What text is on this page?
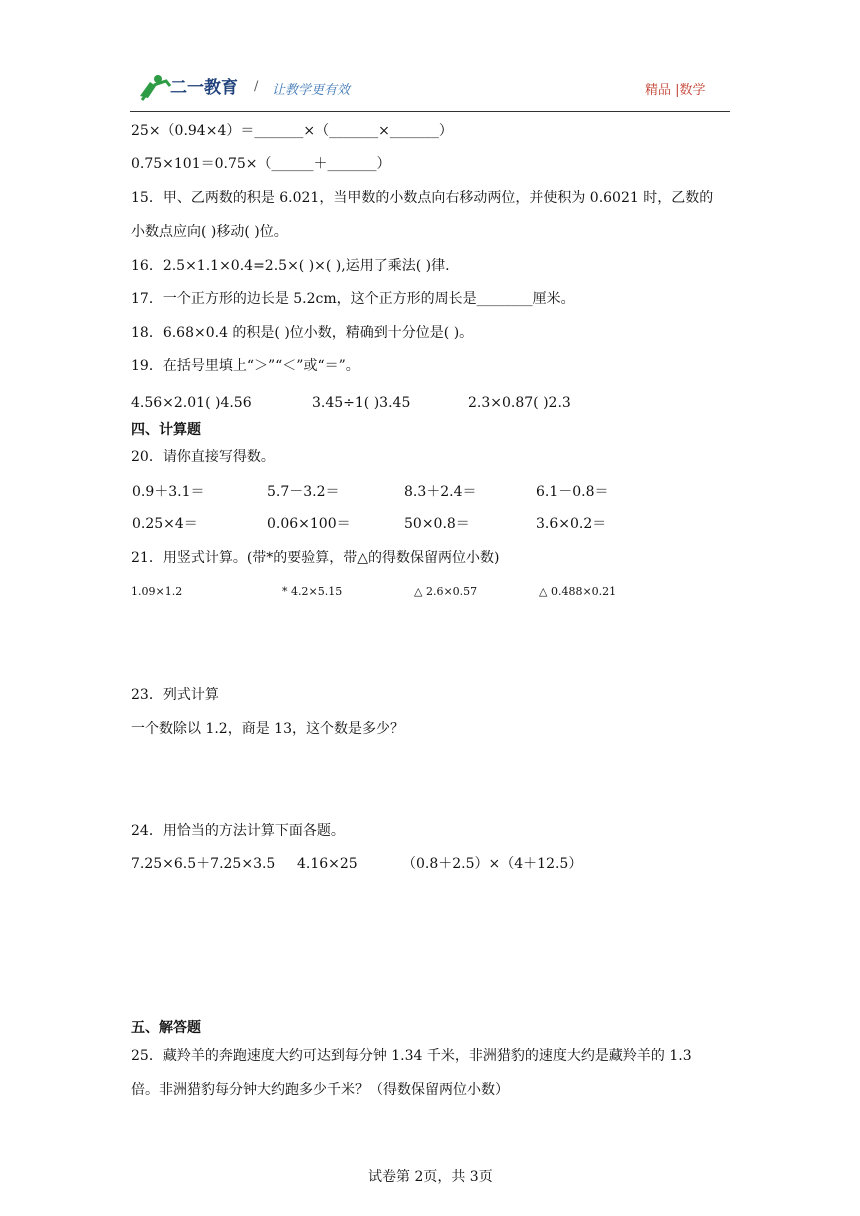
二一教育 / 让教学更有效	精品 |数学
25×（0.94×4）＝_______×（_______×_______）
0.75×101＝0.75×（______＋_______）
15．甲、乙两数的积是 6.021，当甲数的小数点向右移动两位，并使积为 0.6021 时，乙数的
小数点应向( )移动( )位。
16．2.5×1.1×0.4=2.5×( )×( ),运用了乘法( )律.
17．一个正方形的边长是 5.2cm，这个正方形的周长是________厘米。
18．6.68×0.4 的积是( )位小数，精确到十分位是( )。
19．在括号里填上“＞”“＜”或“＝”。
4.56×2.01( )4.56	3.45÷1( )3.45	2.3×0.87( )2.3
四、计算题
20．请你直接写得数。
0.9＋3.1＝	5.7－3.2＝	8.3＋2.4＝	6.1－0.8＝
0.25×4＝	0.06×100＝	50×0.8＝	3.6×0.2＝
21．用竖式计算。(带*的要验算，带△的得数保留两位小数)
1.09×1.2	* 4.2×5.15	△ 2.6×0.57	△ 0.488×0.21
23．列式计算
一个数除以 1.2，商是 13，这个数是多少？
24．用恰当的方法计算下面各题。
7.25×6.5＋7.25×3.5 4.16×25	（0.8＋2.5）×（4＋12.5）
五、解答题
25．藏羚羊的奔跑速度大约可达到每分钟 1.34 千米，非洲猎豹的速度大约是藏羚羊的 1.3
倍。非洲猎豹每分钟大约跑多少千米？（得数保留两位小数）
试卷第 2页，共 3页
